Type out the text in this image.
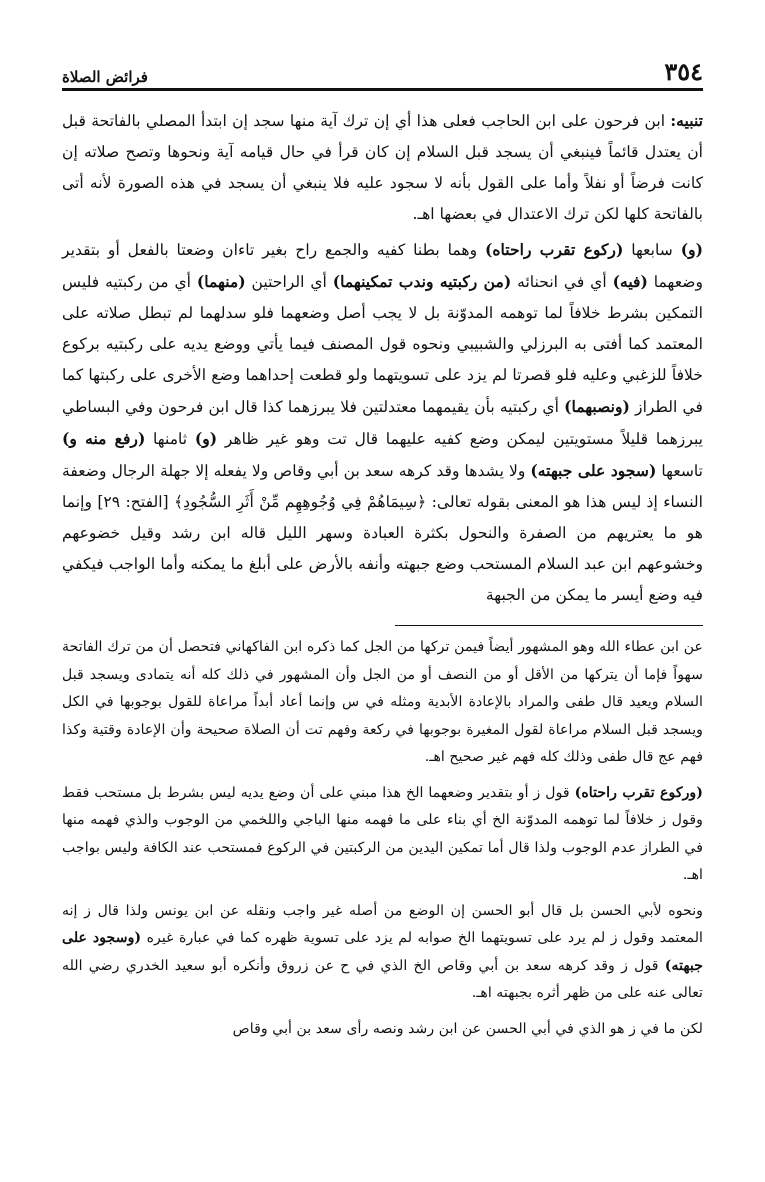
٣٥٤
فرائض الصلاة

تنبيه: ابن فرحون على ابن الحاجب فعلى هذا أي إن ترك آية منها سجد إن ابتدأ المصلي بالفاتحة قبل أن يعتدل قائماً فينبغي أن يسجد قبل السلام إن كان قرأ في حال قيامه آية ونحوها وتصح صلاته إن كانت فرضاً أو نفلاً وأما على القول بأنه لا سجود عليه فلا ينبغي أن يسجد في هذه الصورة لأنه أتى بالفاتحة كلها لكن ترك الاعتدال في بعضها اهـ.

(و) سابعها (ركوع تقرب راحتاه) وهما بطنا كفيه والجمع راح بغير تاءان وضعتا بالفعل أو بتقدير وضعهما (فيه) أي في انحنائه (من ركبتيه وندب تمكينهما) أي الراحتين (منهما) أي من ركبتيه فليس التمكين بشرط خلافاً لما توهمه المدوّنة بل لا يجب أصل وضعهما فلو سدلهما لم تبطل صلاته على المعتمد كما أفتى به البرزلي والشبيبي ونحوه قول المصنف فيما يأتي ووضع يديه على ركبتيه بركوع خلافاً للزغبي وعليه فلو قصرتا لم يزد على تسويتهما ولو قطعت إحداهما وضع الأخرى على ركبتها كما في الطراز (ونصبهما) أي ركبتيه بأن يقيمهما معتدلتين فلا يبرزهما كذا قال ابن فرحون وفي البساطي يبرزهما قليلاً مستويتين ليمكن وضع كفيه عليهما قال تت وهو غير ظاهر (و) ثامنها (رفع منه و) تاسعها (سجود على جبهته) ولا يشدها وقد كرهه سعد بن أبي وقاص ولا يفعله إلا جهلة الرجال وضعفة النساء إذ ليس هذا هو المعنى بقوله تعالى: ﴿سِيمَاهُمْ فِي وُجُوهِهِم مِّنْ أَثَرِ السُّجُودِ﴾ [الفتح: ٢٩] وإنما هو ما يعتريهم من الصفرة والنحول بكثرة العبادة وسهر الليل قاله ابن رشد وقيل خضوعهم وخشوعهم ابن عبد السلام المستحب وضع جبهته وأنفه بالأرض على أبلغ ما يمكنه وأما الواجب فيكفي فيه وضع أيسر ما يمكن من الجبهة

عن ابن عطاء الله وهو المشهور أيضاً فيمن تركها من الجل كما ذكره ابن الفاكهاني فتحصل أن من ترك الفاتحة سهواً فإما أن يتركها من الأقل أو من النصف أو من الجل وأن المشهور في ذلك كله أنه يتمادى ويسجد قبل السلام ويعيد قال طفى والمراد بالإعادة الأبدية ومثله في س وإنما أعاد أبداً مراعاة للقول بوجوبها في الكل ويسجد قبل السلام مراعاة لقول المغيرة بوجوبها في ركعة وفهم تت أن الصلاة صحيحة وأن الإعادة وقتية وكذا فهم عج قال طفى وذلك كله فهم غير صحيح اهـ.

(وركوع تقرب راحتاه) قول ز أو بتقدير وضعهما الخ هذا مبني على أن وضع يديه ليس بشرط بل مستحب فقط وقول ز خلافاً لما توهمه المدوّنة الخ أي بناء على ما فهمه منها الباجي واللخمي من الوجوب والذي فهمه منها في الطراز عدم الوجوب ولذا قال أما تمكين اليدين من الركبتين في الركوع فمستحب عند الكافة وليس بواجب اهـ.

ونحوه لأبي الحسن بل قال أبو الحسن إن الوضع من أصله غير واجب ونقله عن ابن يونس ولذا قال ز إنه المعتمد وقول ز لم يرد على تسويتهما الخ صوابه لم يزد على تسوية ظهره كما في عبارة غيره (وسجود على جبهته) قول ز وقد كرهه سعد بن أبي وقاص الخ الذي في ح عن زروق وأنكره أبو سعيد الخدري رضي الله تعالى عنه على من ظهر أثره بجبهته اهـ.

لكن ما في ز هو الذي في أبي الحسن عن ابن رشد ونصه رأى سعد بن أبي وقاص
